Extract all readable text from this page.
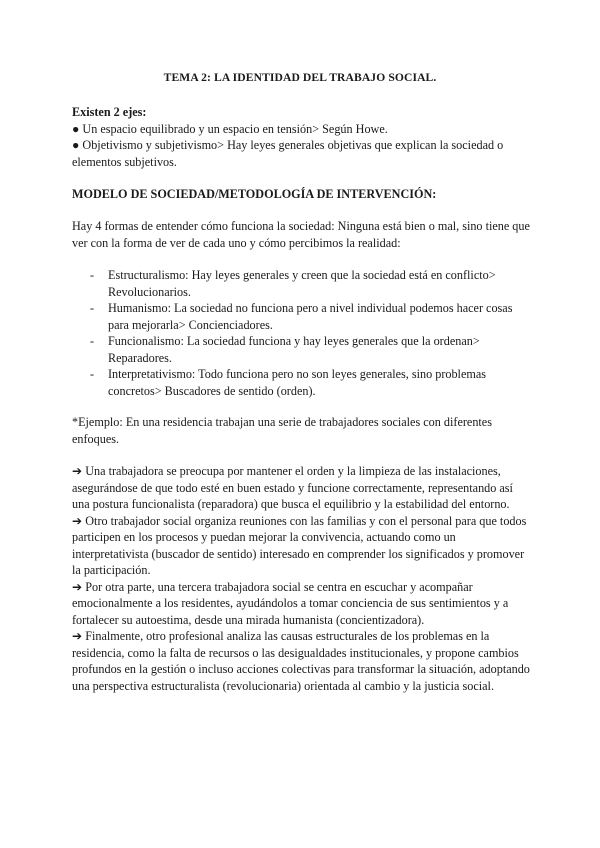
TEMA 2: LA IDENTIDAD DEL TRABAJO SOCIAL.

Existen 2 ejes:

● Un espacio equilibrado y un espacio en tensión> Según Howe.

● Objetivismo y subjetivismo> Hay leyes generales objetivas que explican la sociedad o elementos subjetivos.

MODELO DE SOCIEDAD/METODOLOGÍA DE INTERVENCIÓN:

Hay 4 formas de entender cómo funciona la sociedad: Ninguna está bien o mal, sino tiene que ver con la forma de ver de cada uno y cómo percibimos la realidad:

- Estructuralismo: Hay leyes generales y creen que la sociedad está en conflicto> Revolucionarios.
- Humanismo: La sociedad no funciona pero a nivel individual podemos hacer cosas para mejorarla> Concienciadores.
- Funcionalismo: La sociedad funciona y hay leyes generales que la ordenan> Reparadores.
- Interpretativismo: Todo funciona pero no son leyes generales, sino problemas concretos> Buscadores de sentido (orden).

*Ejemplo: En una residencia trabajan una serie de trabajadores sociales con diferentes enfoques.

➔ Una trabajadora se preocupa por mantener el orden y la limpieza de las instalaciones, asegurándose de que todo esté en buen estado y funcione correctamente, representando así una postura funcionalista (reparadora) que busca el equilibrio y la estabilidad del entorno.

➔ Otro trabajador social organiza reuniones con las familias y con el personal para que todos participen en los procesos y puedan mejorar la convivencia, actuando como un interpretativista (buscador de sentido) interesado en comprender los significados y promover la participación.

➔ Por otra parte, una tercera trabajadora social se centra en escuchar y acompañar emocionalmente a los residentes, ayudándolos a tomar conciencia de sus sentimientos y a fortalecer su autoestima, desde una mirada humanista (concientizadora).

➔ Finalmente, otro profesional analiza las causas estructurales de los problemas en la residencia, como la falta de recursos o las desigualdades institucionales, y propone cambios profundos en la gestión o incluso acciones colectivas para transformar la situación, adoptando una perspectiva estructuralista (revolucionaria) orientada al cambio y la justicia social.
